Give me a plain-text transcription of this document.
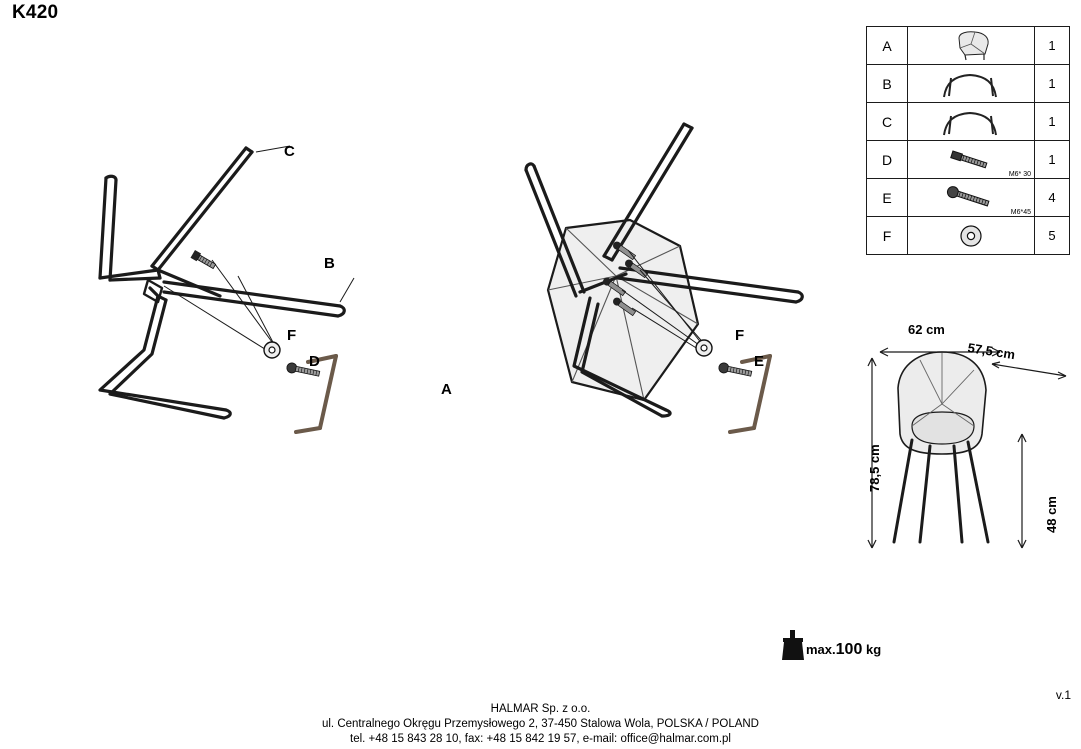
K420
A		1
B		1
C		1
D	M6* 30	1
E	M6*45	4
F		5
C
B
F
D
A
F
E
62 cm
57,5 cm
78,5 cm
48 cm
max.100 kg
v.1
HALMAR Sp. z o.o.
ul. Centralnego Okręgu Przemysłowego 2, 37-450 Stalowa Wola, POLSKA / POLAND
tel. +48 15 843 28 10, fax: +48 15 842 19 57, e-mail: office@halmar.com.pl
